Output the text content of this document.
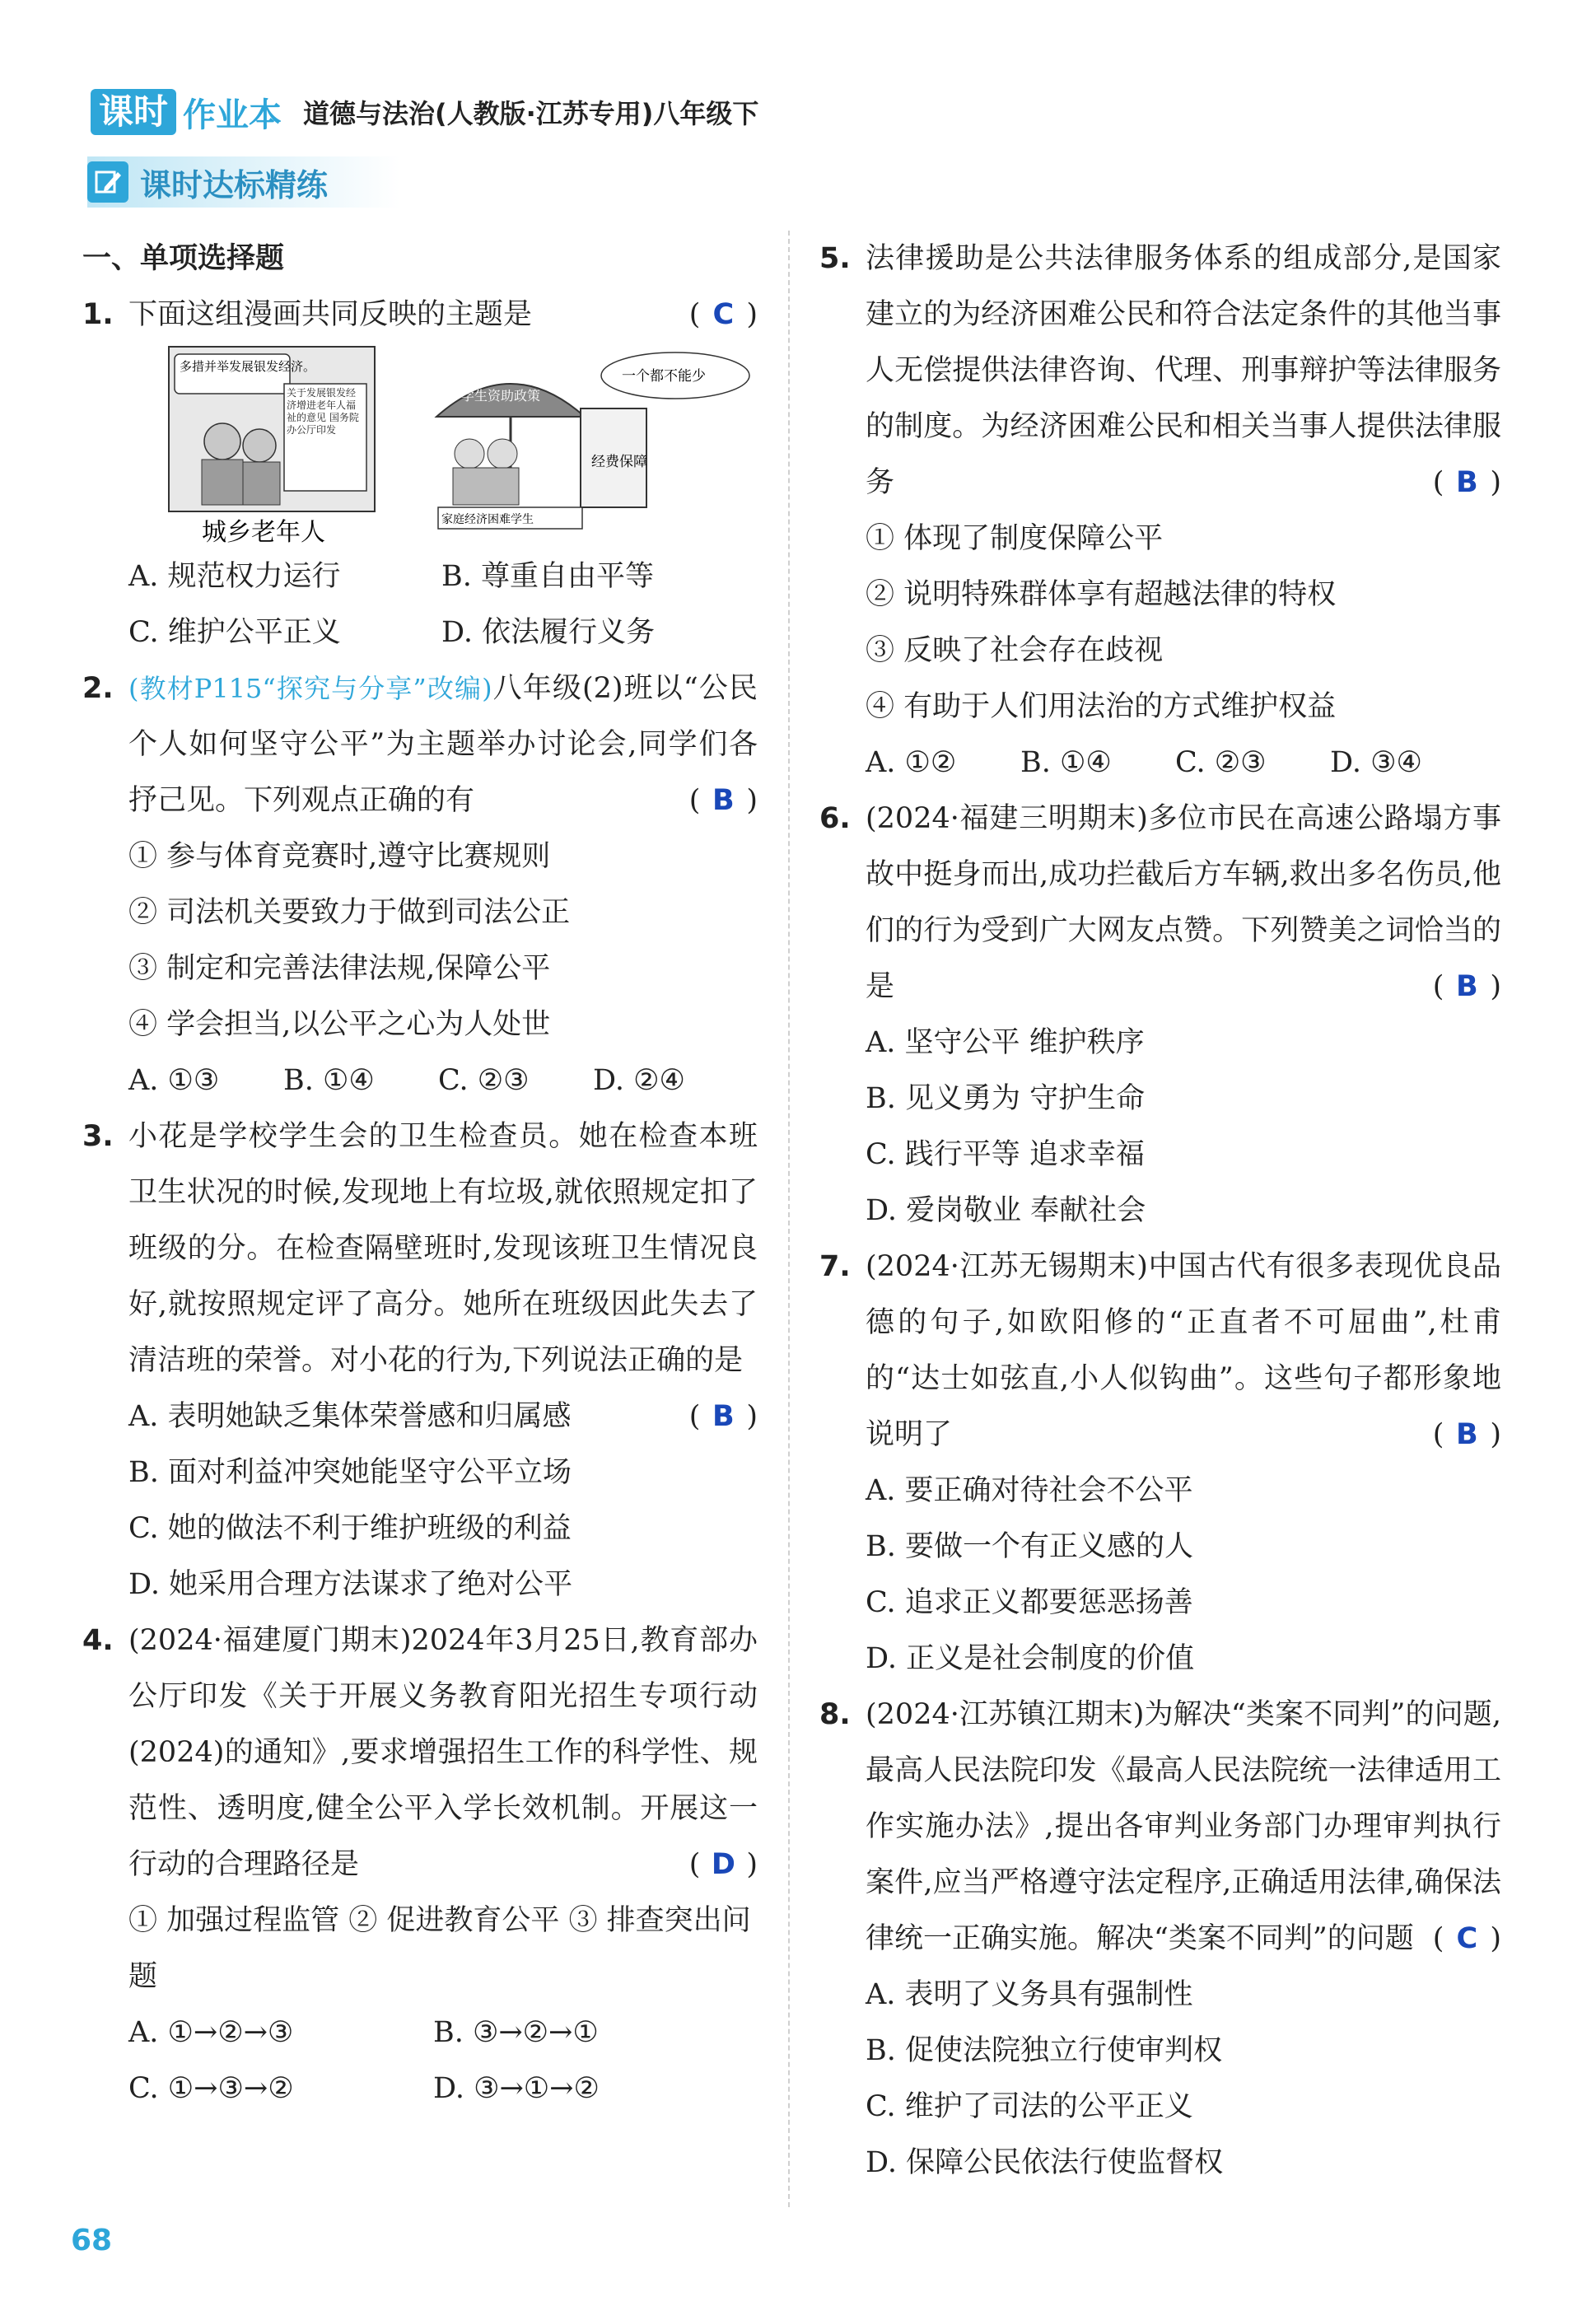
课时 作业本 道德与法治(人教版·江苏专用)八年级下
课时达标精练
一、单项选择题
1. 下面这组漫画共同反映的主题是	( C )
多措并举发展银发经济。
关于发展银发经济增进老年人福祉的意见 国务院办公厅印发
城乡老年人
学生资助政策
一个都不能少
经费保障
家庭经济困难学生
A. 规范权力运行	B. 尊重自由平等
C. 维护公平正义	D. 依法履行义务
2. (教材P115“探究与分享”改编)八年级(2)班以“公民个人如何坚守公平”为主题举办讨论会,同学们各抒己见。下列观点正确的有	( B )
① 参与体育竞赛时,遵守比赛规则
② 司法机关要致力于做到司法公正
③ 制定和完善法律法规,保障公平
④ 学会担当,以公平之心为人处世
A. ①③	B. ①④	C. ②③	D. ②④
3. 小花是学校学生会的卫生检查员。她在检查本班卫生状况的时候,发现地上有垃圾,就依照规定扣了班级的分。在检查隔壁班时,发现该班卫生情况良好,就按照规定评了高分。她所在班级因此失去了清洁班的荣誉。对小花的行为,下列说法正确的是
( B )
A. 表明她缺乏集体荣誉感和归属感
B. 面对利益冲突她能坚守公平立场
C. 她的做法不利于维护班级的利益
D. 她采用合理方法谋求了绝对公平
4. (2024·福建厦门期末)2024年3月25日,教育部办公厅印发《关于开展义务教育阳光招生专项行动(2024)的通知》,要求增强招生工作的科学性、规范性、透明度,健全公平入学长效机制。开展这一行动的合理路径是	( D )
① 加强过程监管 ② 促进教育公平 ③ 排查突出问题
A. ①→②→③	B. ③→②→①
C. ①→③→②	D. ③→①→②
5. 法律援助是公共法律服务体系的组成部分,是国家建立的为经济困难公民和符合法定条件的其他当事人无偿提供法律咨询、代理、刑事辩护等法律服务的制度。为经济困难公民和相关当事人提供法律服务	( B )
① 体现了制度保障公平
② 说明特殊群体享有超越法律的特权
③ 反映了社会存在歧视
④ 有助于人们用法治的方式维护权益
A. ①②	B. ①④	C. ②③	D. ③④
6. (2024·福建三明期末)多位市民在高速公路塌方事故中挺身而出,成功拦截后方车辆,救出多名伤员,他们的行为受到广大网友点赞。下列赞美之词恰当的是	( B )
A. 坚守公平 维护秩序
B. 见义勇为 守护生命
C. 践行平等 追求幸福
D. 爱岗敬业 奉献社会
7. (2024·江苏无锡期末)中国古代有很多表现优良品德的句子,如欧阳修的“正直者不可屈曲”,杜甫的“达士如弦直,小人似钩曲”。这些句子都形象地说明了	( B )
A. 要正确对待社会不公平
B. 要做一个有正义感的人
C. 追求正义都要惩恶扬善
D. 正义是社会制度的价值
8. (2024·江苏镇江期末)为解决“类案不同判”的问题,最高人民法院印发《最高人民法院统一法律适用工作实施办法》,提出各审判业务部门办理审判执行案件,应当严格遵守法定程序,正确适用法律,确保法律统一正确实施。解决“类案不同判”的问题 ( C )
A. 表明了义务具有强制性
B. 促使法院独立行使审判权
C. 维护了司法的公平正义
D. 保障公民依法行使监督权
68
